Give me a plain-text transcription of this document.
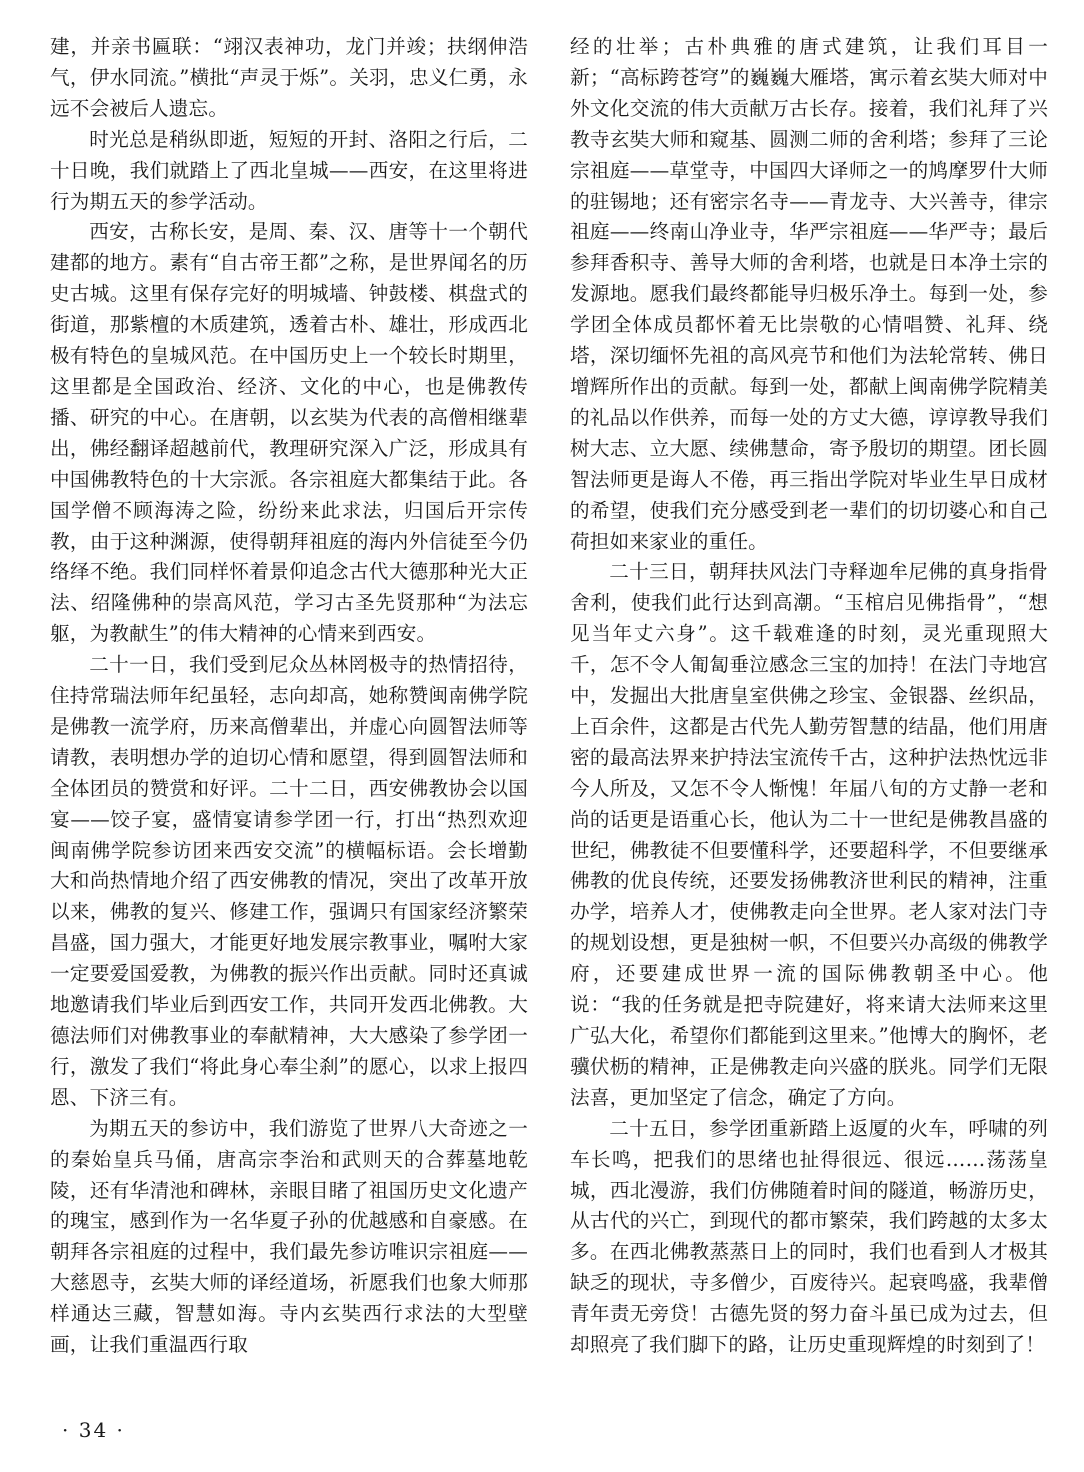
建，并亲书匾联：“翊汉表神功，龙门并竣；扶纲伸浩气，伊水同流。”横批“声灵于烁”。关羽，忠义仁勇，永远不会被后人遗忘。

时光总是稍纵即逝，短短的开封、洛阳之行后，二十日晚，我们就踏上了西北皇城——西安，在这里将进行为期五天的参学活动。

西安，古称长安，是周、秦、汉、唐等十一个朝代建都的地方。素有“自古帝王都”之称，是世界闻名的历史古城。这里有保存完好的明城墙、钟鼓楼、棋盘式的街道，那紫檀的木质建筑，透着古朴、雄壮，形成西北极有特色的皇城风范。在中国历史上一个较长时期里，这里都是全国政治、经济、文化的中心，也是佛教传播、研究的中心。在唐朝，以玄奘为代表的高僧相继辈出，佛经翻译超越前代，教理研究深入广泛，形成具有中国佛教特色的十大宗派。各宗祖庭大都集结于此。各国学僧不顾海涛之险，纷纷来此求法，归国后开宗传教，由于这种渊源，使得朝拜祖庭的海内外信徒至今仍络绎不绝。我们同样怀着景仰追念古代大德那种光大正法、绍隆佛种的崇高风范，学习古圣先贤那种“为法忘躯，为教献生”的伟大精神的心情来到西安。

二十一日，我们受到尼众丛林罔极寺的热情招待，住持常瑞法师年纪虽轻，志向却高，她称赞闽南佛学院是佛教一流学府，历来高僧辈出，并虚心向圆智法师等请教，表明想办学的迫切心情和愿望，得到圆智法师和全体团员的赞赏和好评。二十二日，西安佛教协会以国宴——饺子宴，盛情宴请参学团一行，打出“热烈欢迎闽南佛学院参访团来西安交流”的横幅标语。会长增勤大和尚热情地介绍了西安佛教的情况，突出了改革开放以来，佛教的复兴、修建工作，强调只有国家经济繁荣昌盛，国力强大，才能更好地发展宗教事业，嘱咐大家一定要爱国爱教，为佛教的振兴作出贡献。同时还真诚地邀请我们毕业后到西安工作，共同开发西北佛教。大德法师们对佛教事业的奉献精神，大大感染了参学团一行，激发了我们“将此身心奉尘刹”的愿心，以求上报四恩、下济三有。

为期五天的参访中，我们游览了世界八大奇迹之一的秦始皇兵马俑，唐高宗李治和武则天的合葬墓地乾陵，还有华清池和碑林，亲眼目睹了祖国历史文化遗产的瑰宝，感到作为一名华夏子孙的优越感和自豪感。在朝拜各宗祖庭的过程中，我们最先参访唯识宗祖庭——大慈恩寺，玄奘大师的译经道场，祈愿我们也象大师那样通达三藏，智慧如海。寺内玄奘西行求法的大型壁画，让我们重温西行取

经的壮举；古朴典雅的唐式建筑，让我们耳目一新；“高标跨苍穹”的巍巍大雁塔，寓示着玄奘大师对中外文化交流的伟大贡献万古长存。接着，我们礼拜了兴教寺玄奘大师和窥基、圆测二师的舍利塔；参拜了三论宗祖庭——草堂寺，中国四大译师之一的鸠摩罗什大师的驻锡地；还有密宗名寺——青龙寺、大兴善寺，律宗祖庭——终南山净业寺，华严宗祖庭——华严寺；最后参拜香积寺、善导大师的舍利塔，也就是日本净土宗的发源地。愿我们最终都能导归极乐净土。每到一处，参学团全体成员都怀着无比崇敬的心情唱赞、礼拜、绕塔，深切缅怀先祖的高风亮节和他们为法轮常转、佛日增辉所作出的贡献。每到一处，都献上闽南佛学院精美的礼品以作供养，而每一处的方丈大德，谆谆教导我们树大志、立大愿、续佛慧命，寄予殷切的期望。团长圆智法师更是诲人不倦，再三指出学院对毕业生早日成材的希望，使我们充分感受到老一辈们的切切婆心和自己荷担如来家业的重任。

二十三日，朝拜扶风法门寺释迦牟尼佛的真身指骨舍利，使我们此行达到高潮。“玉棺启见佛指骨”，“想见当年丈六身”。这千载难逢的时刻，灵光重现照大千，怎不令人匍匐垂泣感念三宝的加持！在法门寺地宫中，发掘出大批唐皇室供佛之珍宝、金银器、丝织品，上百余件，这都是古代先人勤劳智慧的结晶，他们用唐密的最高法界来护持法宝流传千古，这种护法热忱远非今人所及，又怎不令人惭愧！年届八旬的方丈静一老和尚的话更是语重心长，他认为二十一世纪是佛教昌盛的世纪，佛教徒不但要懂科学，还要超科学，不但要继承佛教的优良传统，还要发扬佛教济世利民的精神，注重办学，培养人才，使佛教走向全世界。老人家对法门寺的规划设想，更是独树一帜，不但要兴办高级的佛教学府，还要建成世界一流的国际佛教朝圣中心。他说：“我的任务就是把寺院建好，将来请大法师来这里广弘大化，希望你们都能到这里来。”他博大的胸怀，老骥伏枥的精神，正是佛教走向兴盛的朕兆。同学们无限法喜，更加坚定了信念，确定了方向。

二十五日，参学团重新踏上返厦的火车，呼啸的列车长鸣，把我们的思绪也扯得很远、很远……荡荡皇城，西北漫游，我们仿佛随着时间的隧道，畅游历史，从古代的兴亡，到现代的都市繁荣，我们跨越的太多太多。在西北佛教蒸蒸日上的同时，我们也看到人才极其缺乏的现状，寺多僧少，百废待兴。起衰鸣盛，我辈僧青年责无旁贷！古德先贤的努力奋斗虽已成为过去，但却照亮了我们脚下的路，让历史重现辉煌的时刻到了！

· 34 ·
